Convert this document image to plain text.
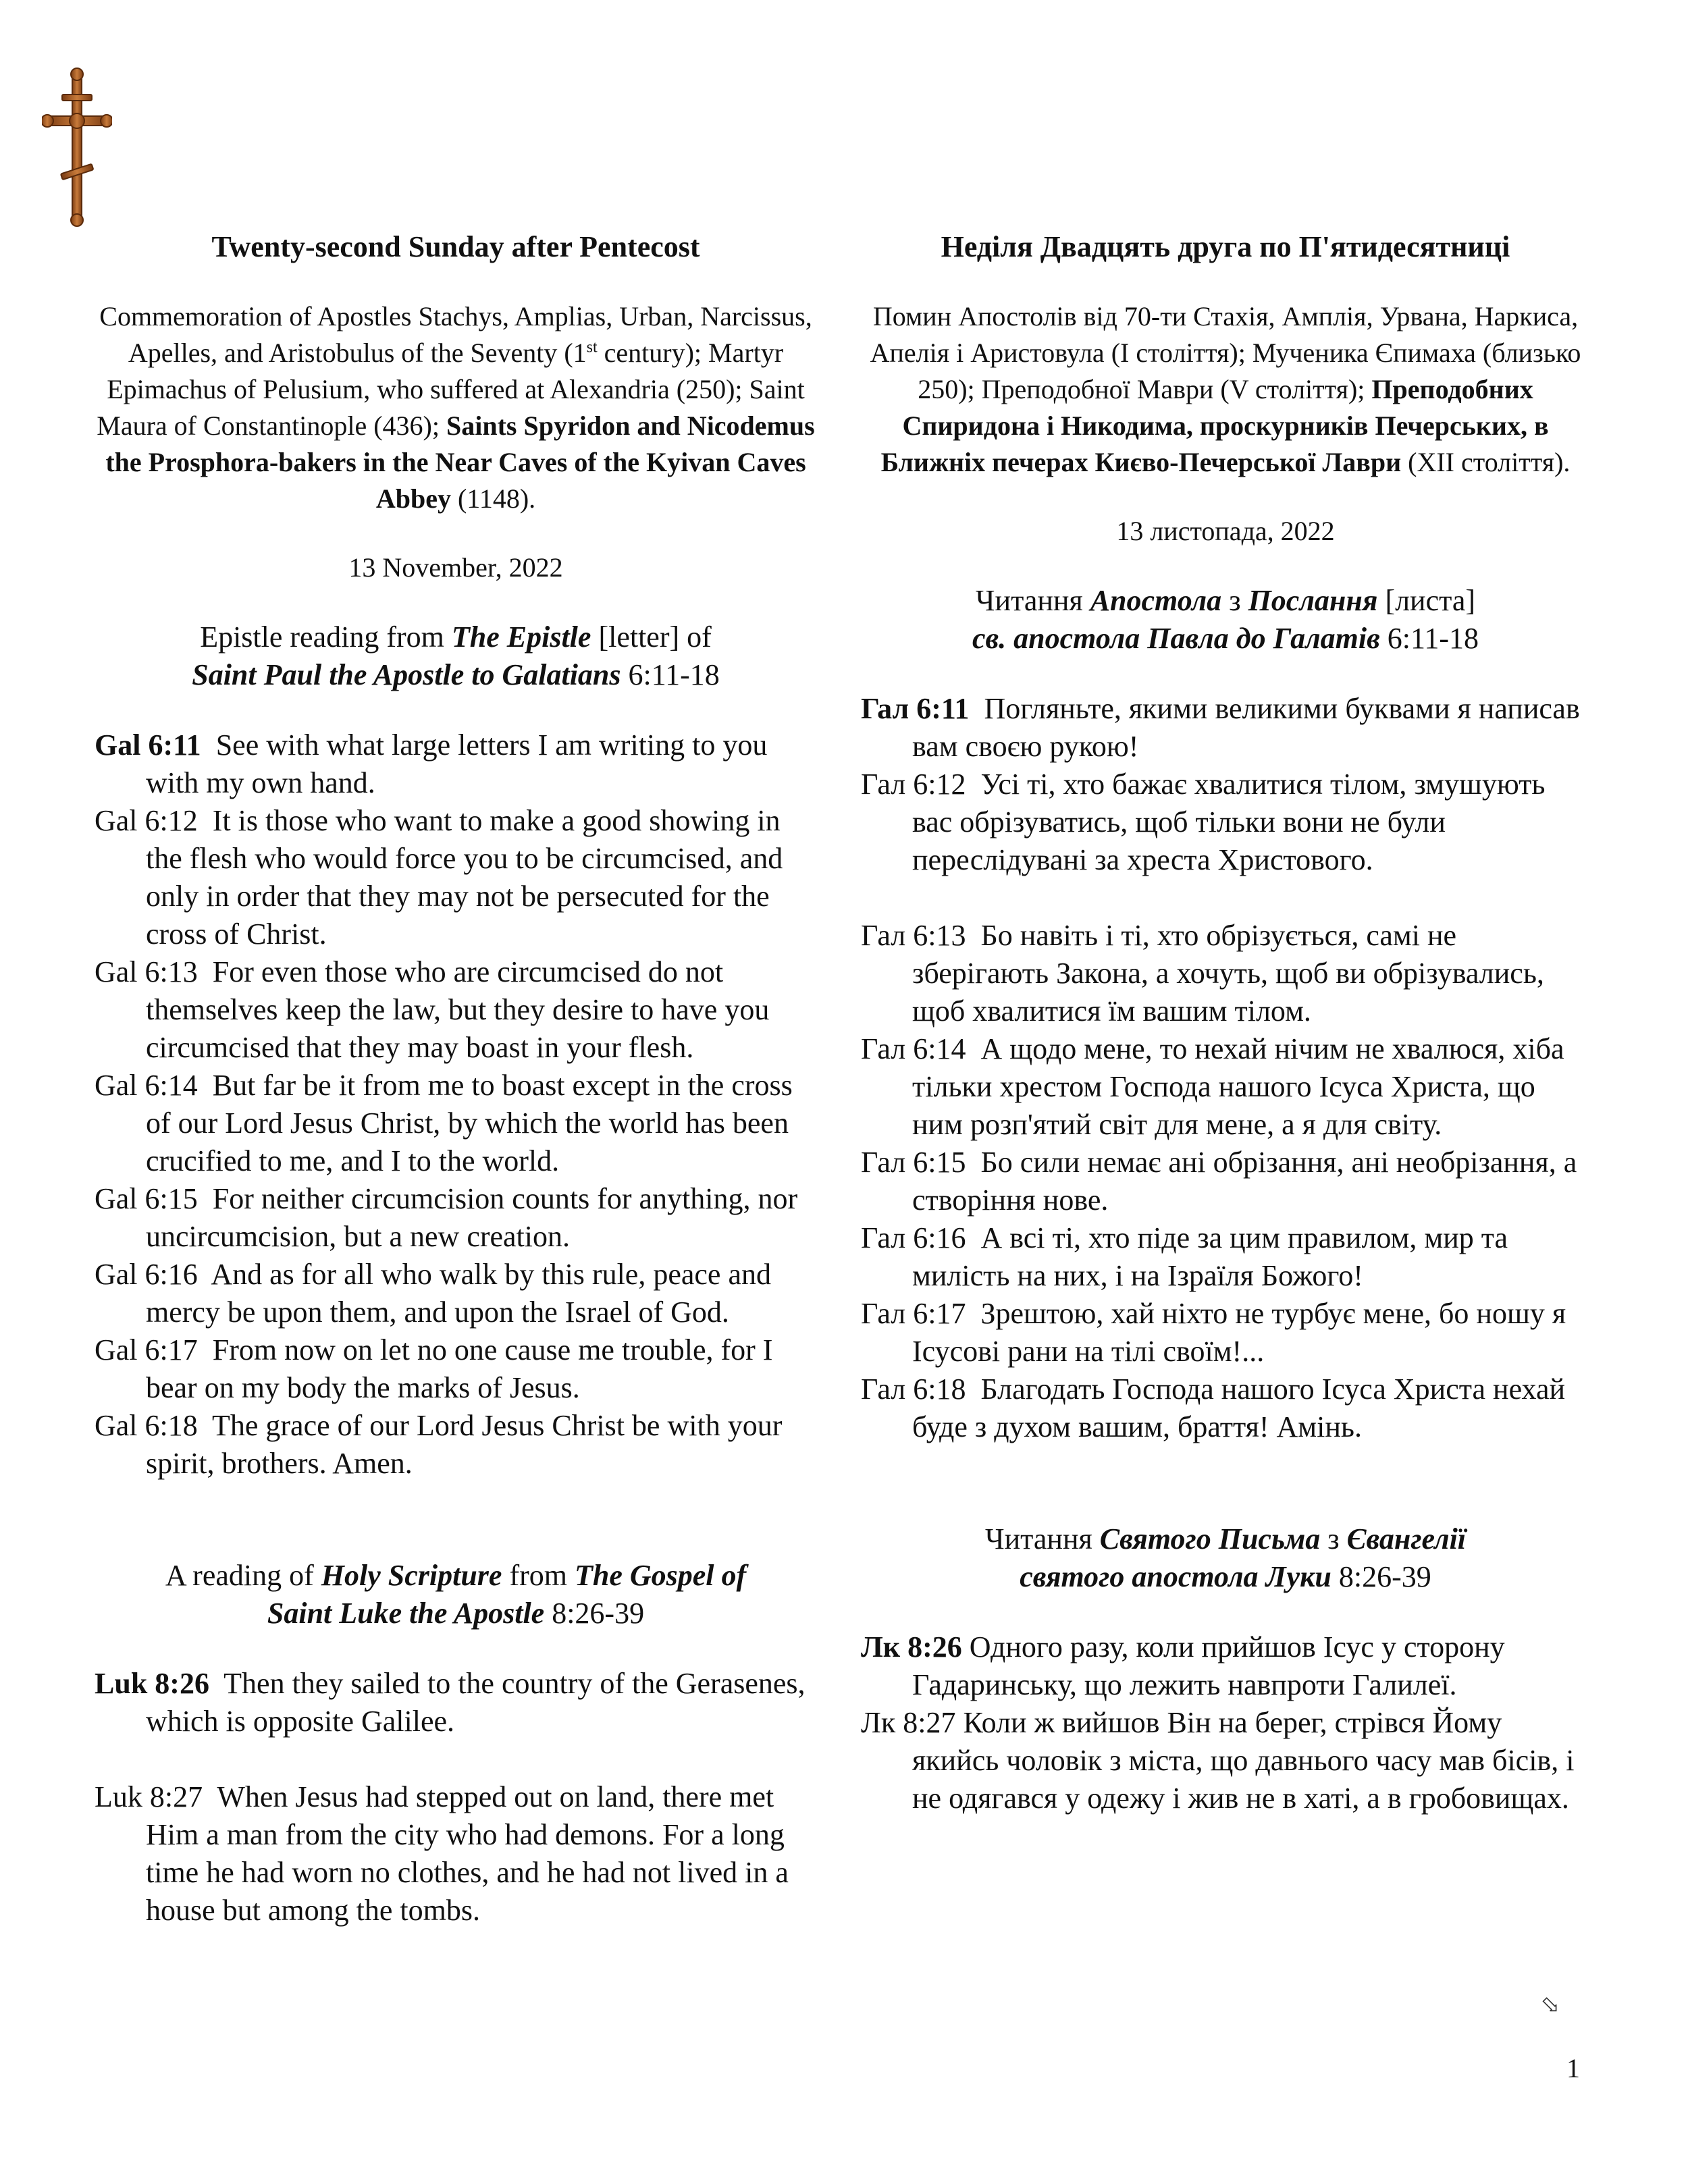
Twenty-second Sunday after Pentecost
Commemoration of Apostles Stachys, Amplias, Urban, Narcissus, Apelles, and Aristobulus of the Seventy (1st century); Martyr Epimachus of Pelusium, who suffered at Alexandria (250); Saint Maura of Constantinople (436); Saints Spyridon and Nicodemus the Prosphora-bakers in the Near Caves of the Kyivan Caves Abbey (1148).
13 November, 2022
Epistle reading from The Epistle [letter] of
Saint Paul the Apostle to Galatians 6:11-18

Gal 6:11 See with what large letters I am writing to you with my own hand.

Gal 6:12 It is those who want to make a good showing in the flesh who would force you to be circumcised, and only in order that they may not be persecuted for the cross of Christ.

Gal 6:13 For even those who are circumcised do not themselves keep the law, but they desire to have you circumcised that they may boast in your flesh.

Gal 6:14 But far be it from me to boast except in the cross of our Lord Jesus Christ, by which the world has been crucified to me, and I to the world.

Gal 6:15 For neither circumcision counts for anything, nor uncircumcision, but a new creation.

Gal 6:16 And as for all who walk by this rule, peace and mercy be upon them, and upon the Israel of God.

Gal 6:17 From now on let no one cause me trouble, for I bear on my body the marks of Jesus.

Gal 6:18 The grace of our Lord Jesus Christ be with your spirit, brothers. Amen.

A reading of Holy Scripture from The Gospel of
Saint Luke the Apostle 8:26-39

Luk 8:26 Then they sailed to the country of the Gerasenes, which is opposite Galilee.

Luk 8:27 When Jesus had stepped out on land, there met Him a man from the city who had demons. For a long time he had worn no clothes, and he had not lived in a house but among the tombs.

Неділя Двадцять друга по П'ятидесятниці
Помин Апостолів від 70-ти Стахія, Амплія, Урвана, Наркиса, Апелія і Аристовула (І століття); Мученика Єпимаха (близько 250); Преподобної Маври (V століття); Преподобних Спиридона і Никодима, проскурників Печерських, в Ближніх печерах Києво-Печерської Лаври (XII століття).
13 листопада, 2022
Читання Апостола з Послання [листа]
св. апостола Павла до Галатів 6:11-18

Гал 6:11 Погляньте, якими великими буквами я написав вам своєю рукою!

Гал 6:12 Усі ті, хто бажає хвалитися тілом, змушують вас обрізуватись, щоб тільки вони не були переслідувані за хреста Христового.

Гал 6:13 Бо навіть і ті, хто обрізується, самі не зберігають Закона, а хочуть, щоб ви обрізувались, щоб хвалитися їм вашим тілом.

Гал 6:14 А щодо мене, то нехай нічим не хвалюся, хіба тільки хрестом Господа нашого Ісуса Христа, що ним розп'ятий світ для мене, а я для світу.

Гал 6:15 Бо сили немає ані обрізання, ані необрізання, а створіння нове.

Гал 6:16 А всі ті, хто піде за цим правилом, мир та милість на них, і на Ізраїля Божого!

Гал 6:17 Зрештою, хай ніхто не турбує мене, бо ношу я Ісусові рани на тілі своїм!...

Гал 6:18 Благодать Господа нашого Ісуса Христа нехай буде з духом вашим, браття! Амінь.

Читання Святого Письма з Євангелії
святого апостола Луки 8:26-39

Лк 8:26 Одного разу, коли прийшов Ісус у сторону Гадаринську, що лежить навпроти Галилеї.

Лк 8:27 Коли ж вийшов Він на берег, стрівся Йому якийсь чоловік з міста, що давнього часу мав бісів, і не одягався у одежу і жив не в хаті, а в гробовищах.

⬂
1
